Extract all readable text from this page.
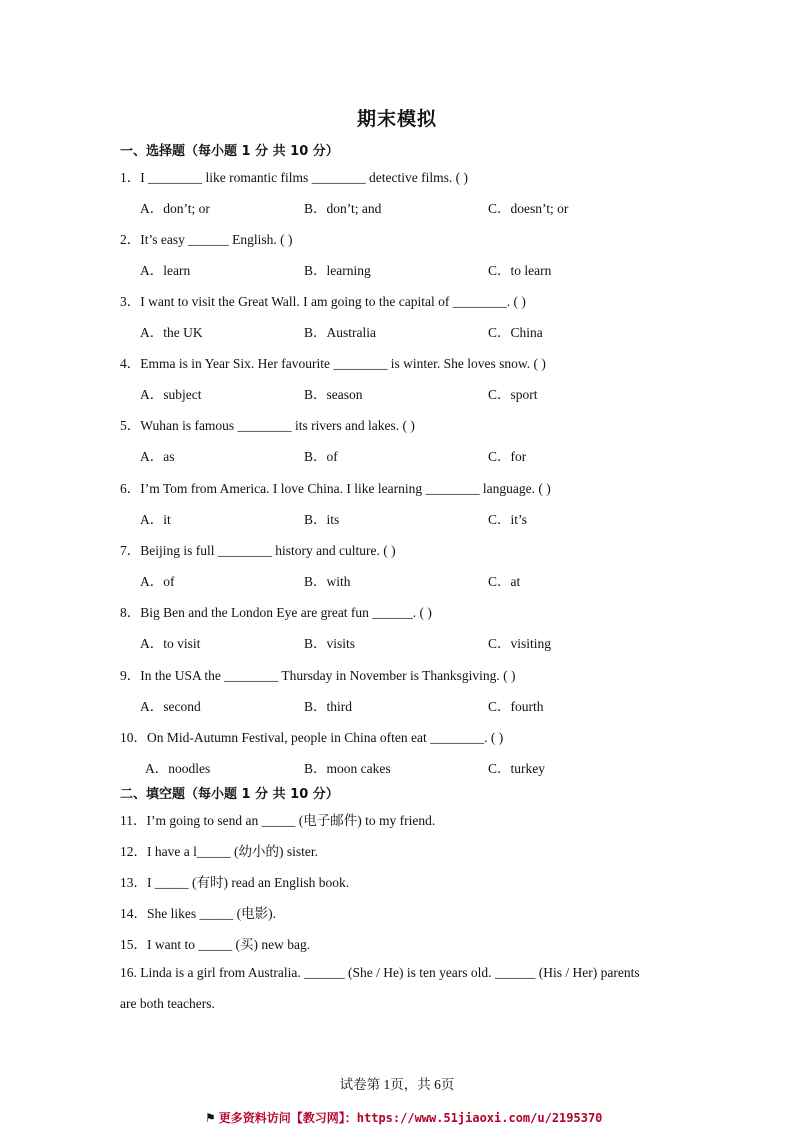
期末模拟
一、选择题（每小题 1 分 共 10 分）
1．I ________ like romantic films ________ detective films. ( )
A．don’t; or	B．don’t; and	C．doesn’t; or
2．It’s easy ______ English. ( )
A．learn	B．learning	C．to learn
3．I want to visit the Great Wall. I am going to the capital of ________. ( )
A．the UK	B．Australia	C．China
4．Emma is in Year Six. Her favourite ________ is winter. She loves snow. ( )
A．subject	B．season	C．sport
5．Wuhan is famous ________ its rivers and lakes. ( )
A．as	B．of	C．for
6．I’m Tom from America. I love China. I like learning ________ language. ( )
A．it	B．its	C．it’s
7．Beijing is full ________ history and culture. ( )
A．of	B．with	C．at
8．Big Ben and the London Eye are great fun ______. ( )
A．to visit	B．visits	C．visiting
9．In the USA the ________ Thursday in November is Thanksgiving. ( )
A．second	B．third	C．fourth
10．On Mid-Autumn Festival, people in China often eat ________. ( )
A．noodles	B．moon cakes	C．turkey
二、填空题（每小题 1 分 共 10 分）
11．I’m going to send an _____ (电子邮件) to my friend.
12．I have a l_____ (幼小的) sister.
13．I _____ (有时) read an English book.
14．She likes _____ (电影).
15．I want to _____ (买) new bag.
16. Linda is a girl from Australia. ______ (She / He) is ten years old. ______ (His / Her) parents
are both teachers.
试卷第 1页，共 6页
⚑ 更多资料访问【教习网】：https://www.51jiaoxi.com/u/2195370
